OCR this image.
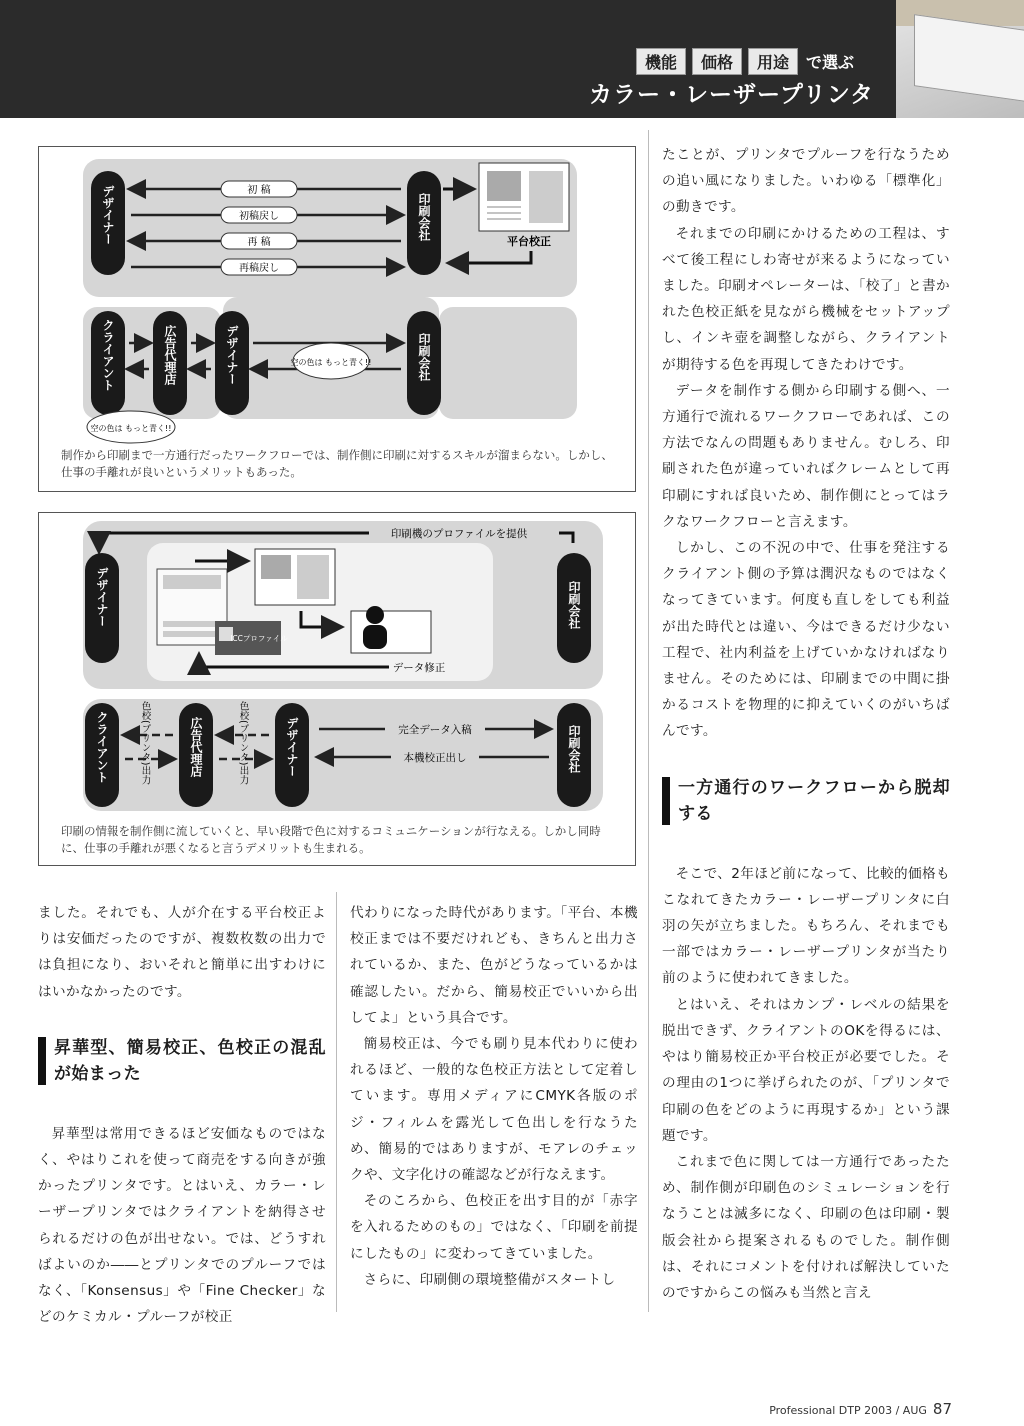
機能	価格	用途	で選ぶ
カラー・レーザープリンタ
デザイナー	印刷会社
初 稿
初稿戻し
再 稿
再稿戻し
平台校正
クライアント	広告代理店	デザイナー	印刷会社
空の色は もっと青く!!
空の色は もっと青く!!
制作から印刷まで一方通行だったワークフローでは、制作側に印刷に対するスキルが溜まらない。しかし、仕事の手離れが良いというメリットもあった。
印刷機のプロファイルを提供
デザイナー	印刷会社
ICCプロファイル
データ修正
クライアント	広告代理店	デザイナー	印刷会社
色校(プリンタ)出力	色校(プリンタ)出力	完全データ入稿
本機校正出し
印刷の情報を制作側に流していくと、早い段階で色に対するコミュニケーションが行なえる。しかし同時に、仕事の手離れが悪くなると言うデメリットも生まれる。

ました。それでも、人が介在する平台校正よりは安価だったのですが、複数枚数の出力では負担になり、おいそれと簡単に出すわけにはいかなかったのです。

昇華型、簡易校正、色校正の混乱が始まった

昇華型は常用できるほど安価なものではなく、やはりこれを使って商売をする向きが強かったプリンタです。とはいえ、カラー・レーザープリンタではクライアントを納得させられるだけの色が出せない。では、どうすればよいのか――とプリンタでのプルーフではなく、「Konsensus」や「Fine Checker」などのケミカル・プルーフが校正

代わりになった時代があります。「平台、本機校正までは不要だけれども、きちんと出力されているか、また、色がどうなっているかは確認したい。だから、簡易校正でいいから出してよ」という具合です。

簡易校正は、今でも刷り見本代わりに使われるほど、一般的な色校正方法として定着しています。専用メディアにCMYK各版のポジ・フィルムを露光して色出しを行なうため、簡易的ではありますが、モアレのチェックや、文字化けの確認などが行なえます。

そのころから、色校正を出す目的が「赤字を入れるためのもの」ではなく、「印刷を前提にしたもの」に変わってきていました。

さらに、印刷側の環境整備がスタートし

たことが、プリンタでプルーフを行なうための追い風になりました。いわゆる「標準化」の動きです。

それまでの印刷にかけるための工程は、すべて後工程にしわ寄せが来るようになっていました。印刷オペレーターは、「校了」と書かれた色校正紙を見ながら機械をセットアップし、インキ壺を調整しながら、クライアントが期待する色を再現してきたわけです。

データを制作する側から印刷する側へ、一方通行で流れるワークフローであれば、この方法でなんの問題もありません。むしろ、印刷された色が違っていればクレームとして再印刷にすれば良いため、制作側にとってはラクなワークフローと言えます。

しかし、この不況の中で、仕事を発注するクライアント側の予算は潤沢なものではなくなってきています。何度も直しをしても利益が出た時代とは違い、今はできるだけ少ない工程で、社内利益を上げていかなければなりません。そのためには、印刷までの中間に掛かるコストを物理的に抑えていくのがいちばんです。

一方通行のワークフローから脱却する

そこで、2年ほど前になって、比較的価格もこなれてきたカラー・レーザープリンタに白羽の矢が立ちました。もちろん、それまでも一部ではカラー・レーザープリンタが当たり前のように使われてきました。

とはいえ、それはカンプ・レベルの結果を脱出できず、クライアントのOKを得るには、やはり簡易校正か平台校正が必要でした。その理由の1つに挙げられたのが、「プリンタで印刷の色をどのように再現するか」という課題です。

これまで色に関しては一方通行であったため、制作側が印刷色のシミュレーションを行なうことは滅多になく、印刷の色は印刷・製版会社から提案されるものでした。制作側は、それにコメントを付ければ解決していたのですからこの悩みも当然と言え

Professional DTP 2003 / AUG 87
